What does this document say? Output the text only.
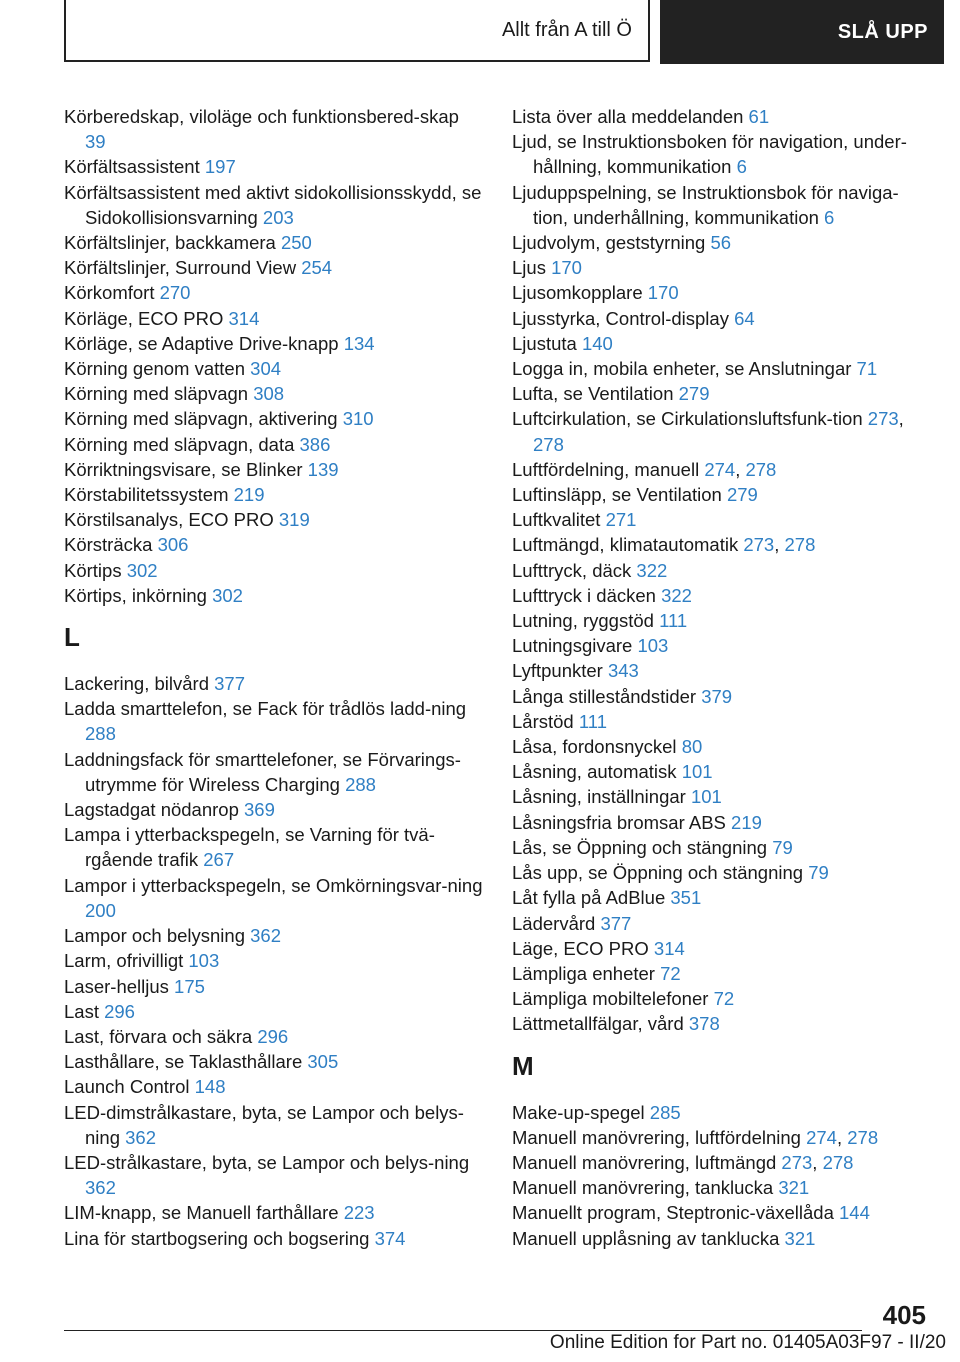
Allt från A till Ö	SLÅ UPP
Körberedskap, viloläge och funktionsbered-skap 39
Körfältsassistent 197
Körfältsassistent med aktivt sidokollisionsskydd, se Sidokollisionsvarning 203
Körfältslinjer, backkamera 250
Körfältslinjer, Surround View 254
Körkomfort 270
Körläge, ECO PRO 314
Körläge, se Adaptive Drive-knapp 134
Körning genom vatten 304
Körning med släpvagn 308
Körning med släpvagn, aktivering 310
Körning med släpvagn, data 386
Körriktningsvisare, se Blinker 139
Körstabilitetssystem 219
Körstilsanalys, ECO PRO 319
Körsträcka 306
Körtips 302
Körtips, inkörning 302
L
Lackering, bilvård 377
Ladda smarttelefon, se Fack för trådlös ladd-ning 288
Laddningsfack för smarttelefoner, se Förvarings-utrymme för Wireless Charging 288
Lagstadgat nödanrop 369
Lampa i ytterbackspegeln, se Varning för tvä-rgående trafik 267
Lampor i ytterbackspegeln, se Omkörningsvar-ning 200
Lampor och belysning 362
Larm, ofrivilligt 103
Laser-helljus 175
Last 296
Last, förvara och säkra 296
Lasthållare, se Taklasthållare 305
Launch Control 148
LED-dimstrålkastare, byta, se Lampor och belys-ning 362
LED-strålkastare, byta, se Lampor och belys-ning 362
LIM-knapp, se Manuell farthållare 223
Lina för startbogsering och bogsering 374
Lista över alla meddelanden 61
Ljud, se Instruktionsboken för navigation, under-hållning, kommunikation 6
Ljuduppspelning, se Instruktionsbok för naviga-tion, underhållning, kommunikation 6
Ljudvolym, geststyrning 56
Ljus 170
Ljusomkopplare 170
Ljusstyrka, Control-display 64
Ljustuta 140
Logga in, mobila enheter, se Anslutningar 71
Lufta, se Ventilation 279
Luftcirkulation, se Cirkulationsluftsfunk-tion 273, 278
Luftfördelning, manuell 274, 278
Luftinsläpp, se Ventilation 279
Luftkvalitet 271
Luftmängd, klimatautomatik 273, 278
Lufttryck, däck 322
Lufttryck i däcken 322
Lutning, ryggstöd 111
Lutningsgivare 103
Lyftpunkter 343
Långa stilleståndstider 379
Lårstöd 111
Låsa, fordonsnyckel 80
Låsning, automatisk 101
Låsning, inställningar 101
Låsningsfria bromsar ABS 219
Lås, se Öppning och stängning 79
Lås upp, se Öppning och stängning 79
Låt fylla på AdBlue 351
Lädervård 377
Läge, ECO PRO 314
Lämpliga enheter 72
Lämpliga mobiltelefoner 72
Lättmetallfälgar, vård 378
M
Make-up-spegel 285
Manuell manövrering, luftfördelning 274, 278
Manuell manövrering, luftmängd 273, 278
Manuell manövrering, tanklucka 321
Manuellt program, Steptronic-växellåda 144
Manuell upplåsning av tanklucka 321
405
Online Edition for Part no. 01405A03F97 - II/20
